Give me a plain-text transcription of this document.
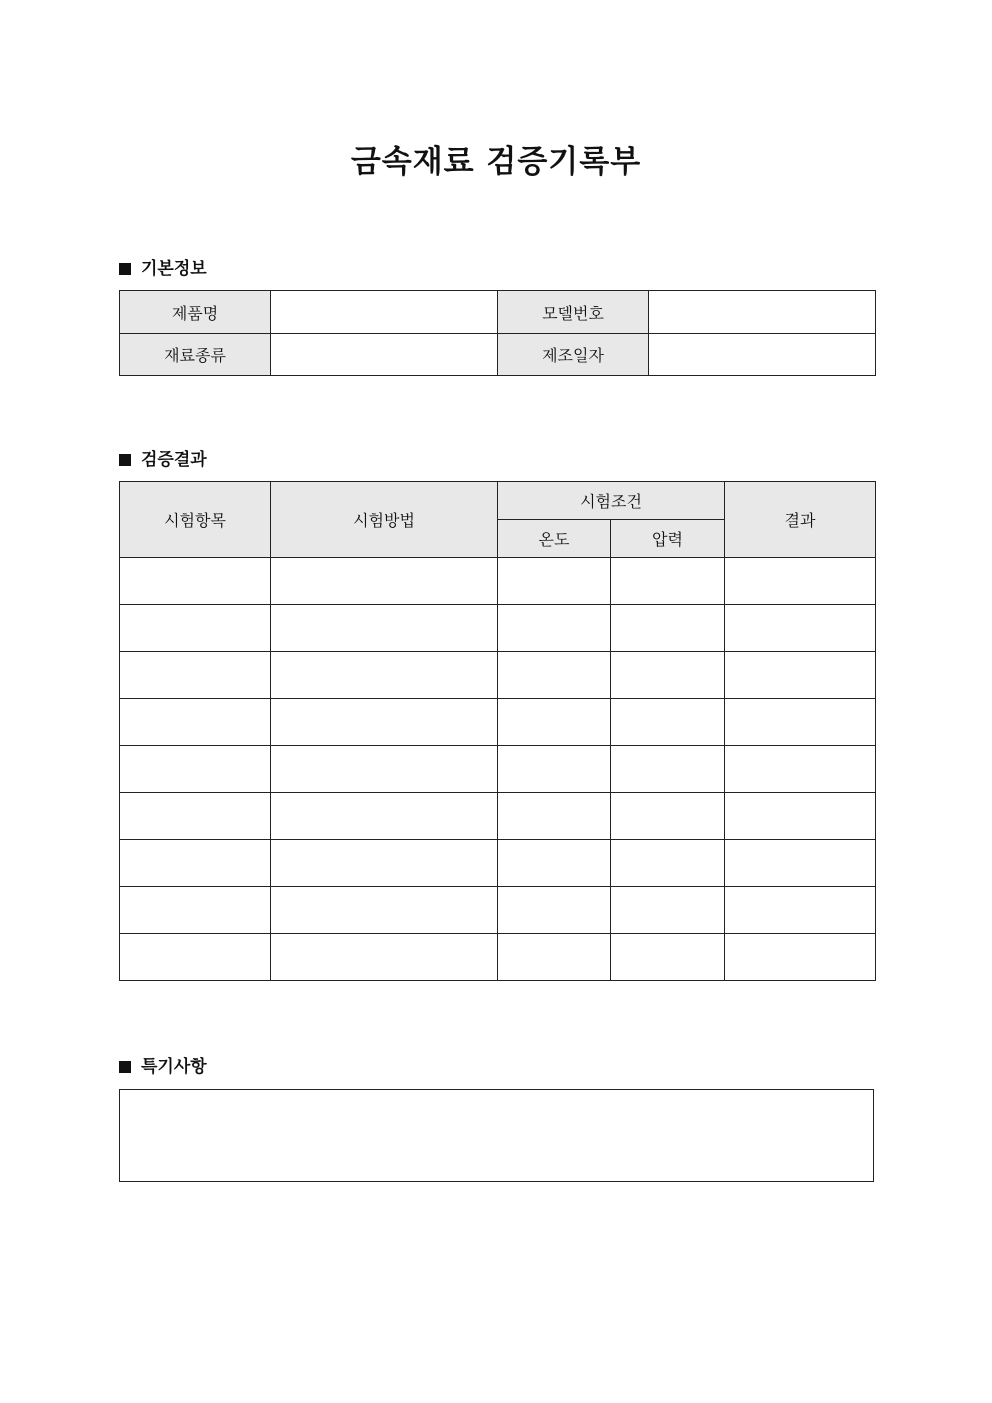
금속재료 검증기록부
기본정보
제품명		모델번호	
재료종류		제조일자	
검증결과
시험항목	시험방법	시험조건		결과
		온도	압력	

특기사항
